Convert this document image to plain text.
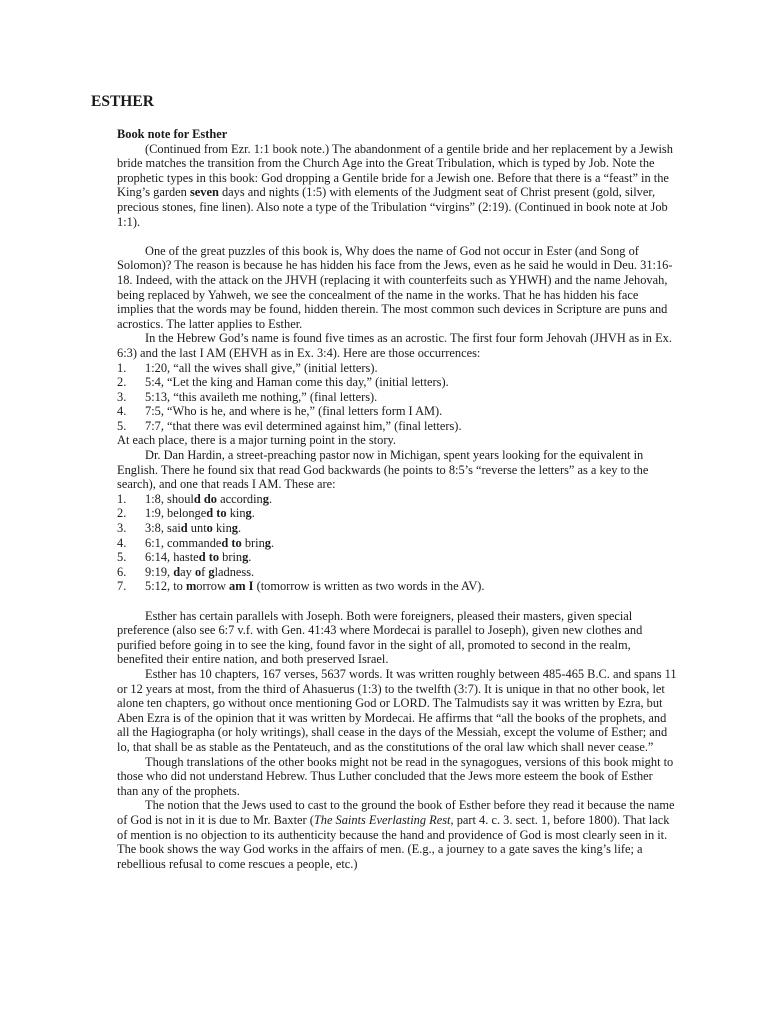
ESTHER
Book note for Esther

(Continued from Ezr. 1:1 book note.) The abandonment of a gentile bride and her replacement by a Jewish bride matches the transition from the Church Age into the Great Tribulation, which is typed by Job. Note the prophetic types in this book: God dropping a Gentile bride for a Jewish one. Before that there is a “feast” in the King’s garden seven days and nights (1:5) with elements of the Judgment seat of Christ present (gold, silver, precious stones, fine linen). Also note a type of the Tribulation “virgins” (2:19). (Continued in book note at Job 1:1).

One of the great puzzles of this book is, Why does the name of God not occur in Ester (and Song of Solomon)? The reason is because he has hidden his face from the Jews, even as he said he would in Deu. 31:16-18. Indeed, with the attack on the JHVH (replacing it with counterfeits such as YHWH) and the name Jehovah, being replaced by Yahweh, we see the concealment of the name in the works. That he has hidden his face implies that the words may be found, hidden therein. The most common such devices in Scripture are puns and acrostics. The latter applies to Esther.

In the Hebrew God’s name is found five times as an acrostic. The first four form Jehovah (JHVH as in Ex. 6:3) and the last I AM (EHVH as in Ex. 3:4). Here are those occurrences:

1.	1:20, “all the wives shall give,” (initial letters).
2.	5:4, “Let the king and Haman come this day,” (initial letters).
3.	5:13, “this availeth me nothing,” (final letters).
4.	7:5, “Who is he, and where is he,” (final letters form I AM).
5.	7:7, “that there was evil determined against him,” (final letters).
At each place, there is a major turning point in the story.

Dr. Dan Hardin, a street-preaching pastor now in Michigan, spent years looking for the equivalent in English. There he found six that read God backwards (he points to 8:5’s “reverse the letters” as a key to the search), and one that reads I AM. These are:

1.	1:8, should do according.
2.	1:9, belonged to king.
3.	3:8, said unto king.
4.	6:1, commanded to bring.
5.	6:14, hasted to bring.
6.	9:19, day of gladness.
7.	5:12, to morrow am I (tomorrow is written as two words in the AV).

Esther has certain parallels with Joseph. Both were foreigners, pleased their masters, given special preference (also see 6:7 v.f. with Gen. 41:43 where Mordecai is parallel to Joseph), given new clothes and purified before going in to see the king, found favor in the sight of all, promoted to second in the realm, benefited their entire nation, and both preserved Israel.

Esther has 10 chapters, 167 verses, 5637 words. It was written roughly between 485-465 B.C. and spans 11 or 12 years at most, from the third of Ahasuerus (1:3) to the twelfth (3:7). It is unique in that no other book, let alone ten chapters, go without once mentioning God or LORD. The Talmudists say it was written by Ezra, but Aben Ezra is of the opinion that it was written by Mordecai. He affirms that “all the books of the prophets, and all the Hagiographa (or holy writings), shall cease in the days of the Messiah, except the volume of Esther; and lo, that shall be as stable as the Pentateuch, and as the constitutions of the oral law which shall never cease.”

Though translations of the other books might not be read in the synagogues, versions of this book might to those who did not understand Hebrew. Thus Luther concluded that the Jews more esteem the book of Esther than any of the prophets.

The notion that the Jews used to cast to the ground the book of Esther before they read it because the name of God is not in it is due to Mr. Baxter (The Saints Everlasting Rest, part 4. c. 3. sect. 1, before 1800). That lack of mention is no objection to its authenticity because the hand and providence of God is most clearly seen in it. The book shows the way God works in the affairs of men. (E.g., a journey to a gate saves the king’s life; a rebellious refusal to come rescues a people, etc.)
